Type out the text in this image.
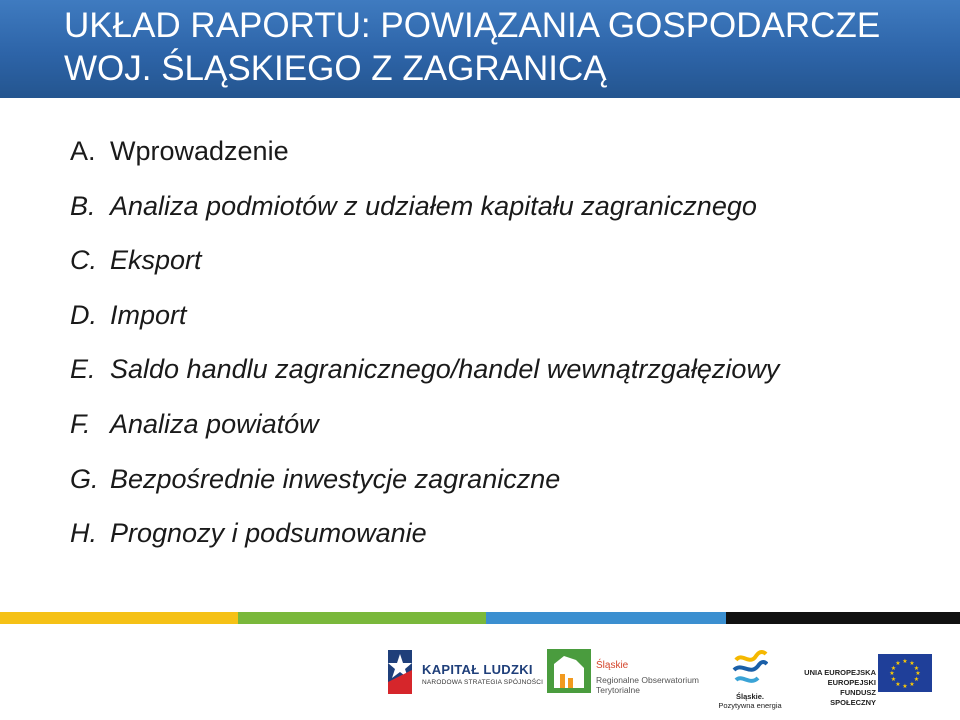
UKŁAD RAPORTU: POWIĄZANIA GOSPODARCZE
WOJ. ŚLĄSKIEGO Z ZAGRANICĄ
A. Wprowadzenie
B. Analiza podmiotów z udziałem kapitału zagranicznego
C. Eksport
D. Import
E. Saldo handlu zagranicznego/handel wewnątrzgałęziowy
F. Analiza powiatów
G. Bezpośrednie inwestycje zagraniczne
H. Prognozy i podsumowanie
KAPITAŁ LUDZKI
NARODOWA STRATEGIA SPÓJNOŚCI
Śląskie
Regionalne Obserwatorium
Terytorialne
Śląskie.
Pozytywna energia
UNIA EUROPEJSKA
EUROPEJSKI
FUNDUSZ SPOŁECZNY
★ ★
★
★
★
★
★
★
★
★
★
★
